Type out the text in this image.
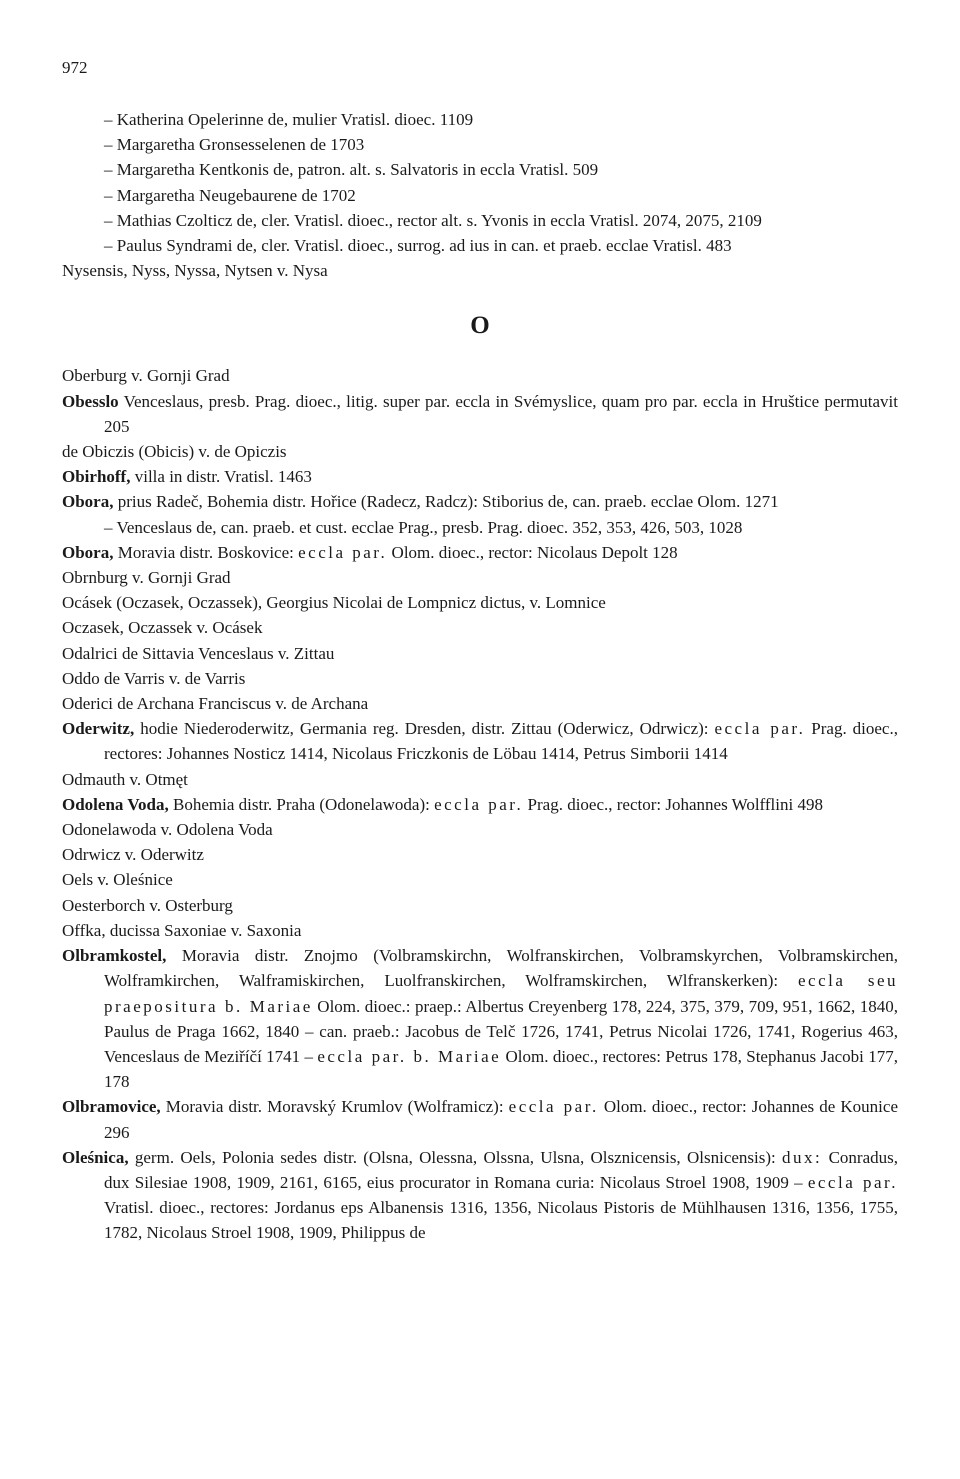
972
– Katherina Opelerinne de, mulier Vratisl. dioec. 1109
– Margaretha Gronsesselenen de 1703
– Margaretha Kentkonis de, patron. alt. s. Salvatoris in eccla Vratisl. 509
– Margaretha Neugebaurene de 1702
– Mathias Czolticz de, cler. Vratisl. dioec., rector alt. s. Yvonis in eccla Vratisl. 2074, 2075, 2109
– Paulus Syndrami de, cler. Vratisl. dioec., surrog. ad ius in can. et praeb. ecclae Vratisl. 483
Nysensis, Nyss, Nyssa, Nytsen v. Nysa
O
Oberburg v. Gornji Grad
Obesslo Venceslaus, presb. Prag. dioec., litig. super par. eccla in Svémyslice, quam pro par. eccla in Hruštice permutavit 205
de Obiczis (Obicis) v. de Opiczis
Obirhoff, villa in distr. Vratisl. 1463
Obora, prius Radeč, Bohemia distr. Hořice (Radecz, Radcz): Stiborius de, can. praeb. ecclae Olom. 1271
– Venceslaus de, can. praeb. et cust. ecclae Prag., presb. Prag. dioec. 352, 353, 426, 503, 1028
Obora, Moravia distr. Boskovice: eccla par. Olom. dioec., rector: Nicolaus Depolt 128
Obrnburg v. Gornji Grad
Ocásek (Oczasek, Oczassek), Georgius Nicolai de Lompnicz dictus, v. Lomnice
Oczasek, Oczassek v. Ocásek
Odalrici de Sittavia Venceslaus v. Zittau
Oddo de Varris v. de Varris
Oderici de Archana Franciscus v. de Archana
Oderwitz, hodie Niederoderwitz, Germania reg. Dresden, distr. Zittau (Oderwicz, Odrwicz): eccla par. Prag. dioec., rectores: Johannes Nosticz 1414, Nicolaus Friczkonis de Löbau 1414, Petrus Simborii 1414
Odmauth v. Otmęt
Odolena Voda, Bohemia distr. Praha (Odonelawoda): eccla par. Prag. dioec., rector: Johannes Wolfflini 498
Odonelawoda v. Odolena Voda
Odrwicz v. Oderwitz
Oels v. Oleśnice
Oesterborch v. Osterburg
Offka, ducissa Saxoniae v. Saxonia
Olbramkostel, Moravia distr. Znojmo (Volbramskirchn, Wolfranskirchen, Volbramskyrchen, Volbramskirchen, Wolframkirchen, Walframiskirchen, Luolfranskirchen, Wolframskirchen, Wlfranskerken): eccla seu praepositura b. Mariae Olom. dioec.: praep.: Albertus Creyenberg 178, 224, 375, 379, 709, 951, 1662, 1840, Paulus de Praga 1662, 1840 – can. praeb.: Jacobus de Telč 1726, 1741, Petrus Nicolai 1726, 1741, Rogerius 463, Venceslaus de Meziříčí 1741 – eccla par. b. Mariae Olom. dioec., rectores: Petrus 178, Stephanus Jacobi 177, 178
Olbramovice, Moravia distr. Moravský Krumlov (Wolframicz): eccla par. Olom. dioec., rector: Johannes de Kounice 296
Oleśnica, germ. Oels, Polonia sedes distr. (Olsna, Olessna, Olssna, Ulsna, Olsznicensis, Olsnicensis): dux: Conradus, dux Silesiae 1908, 1909, 2161, 6165, eius procurator in Romana curia: Nicolaus Stroel 1908, 1909 – eccla par. Vratisl. dioec., rectores: Jordanus eps Albanensis 1316, 1356, Nicolaus Pistoris de Mühlhausen 1316, 1356, 1755, 1782, Nicolaus Stroel 1908, 1909, Philippus de
